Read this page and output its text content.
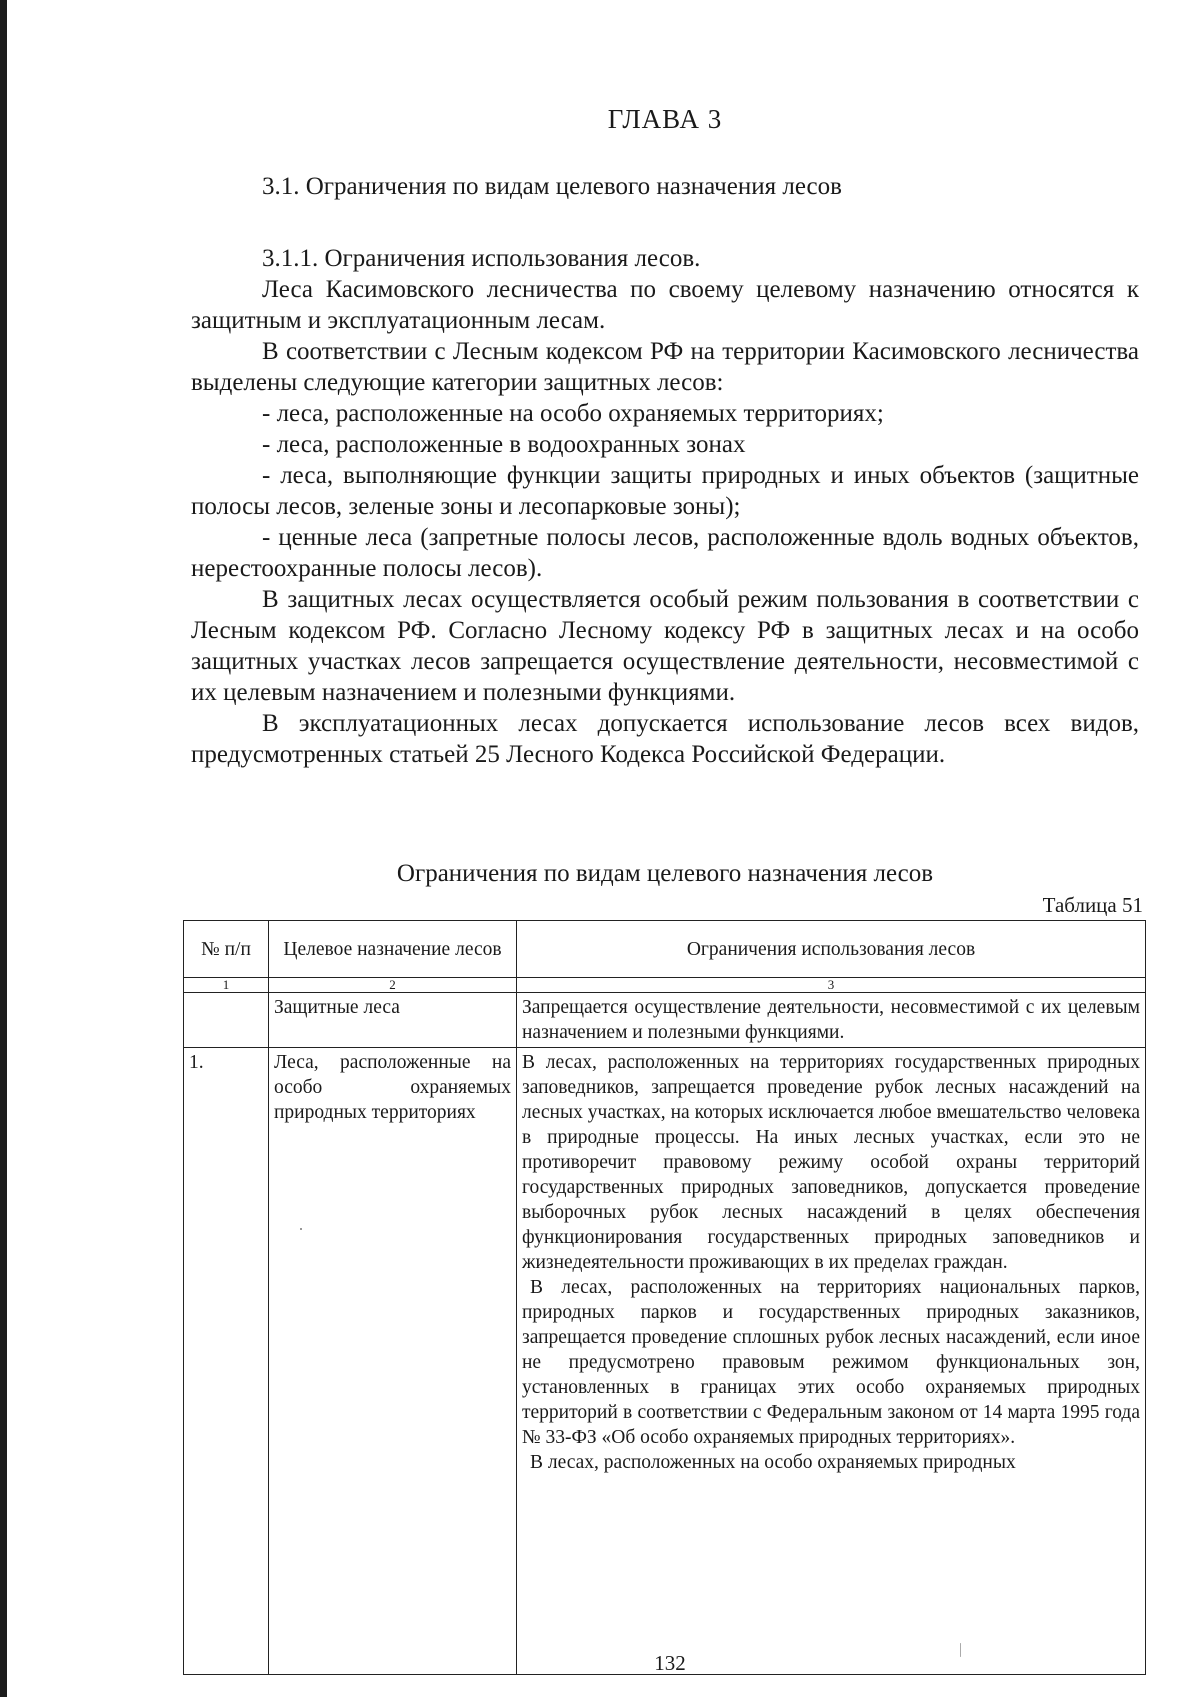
ГЛАВА 3
3.1. Ограничения по видам целевого назначения лесов

3.1.1. Ограничения использования лесов.

Леса Касимовского лесничества по своему целевому назначению относятся к защитным и эксплуатационным лесам.

В соответствии с Лесным кодексом РФ на территории Касимовского лесничества выделены следующие категории защитных лесов:

- леса, расположенные на особо охраняемых территориях;

- леса, расположенные в водоохранных зонах

- леса, выполняющие функции защиты природных и иных объектов (защитные полосы лесов, зеленые зоны и лесопарковые зоны);

- ценные леса (запретные полосы лесов, расположенные вдоль водных объектов, нерестоохранные полосы лесов).

В защитных лесах осуществляется особый режим пользования в соответствии с Лесным кодексом РФ. Согласно Лесному кодексу РФ в защитных лесах и на особо защитных участках лесов запрещается осуществление деятельности, несовместимой с их целевым назначением и полезными функциями.

В эксплуатационных лесах допускается использование лесов всех видов, предусмотренных статьей 25 Лесного Кодекса Российской Федерации.

Ограничения по видам целевого назначения лесов
Таблица 51
№ п/п	Целевое назначение лесов	Ограничения использования лесов
1	2	3
	Защитные леса	Запрещается осуществление деятельности, несовместимой с их целевым назначением и полезными функциями.

1.	Леса, расположенные на особо охраняемых природных территориях	В лесах, расположенных на территориях государственных природных заповедников, запрещается проведение рубок лесных насаждений на лесных участках, на которых исключается любое вмешательство человека в природные процессы. На иных лесных участках, если это не противоречит правовому режиму особой охраны территорий государственных природных заповедников, допускается проведение выборочных рубок лесных насаждений в целях обеспечения функционирования государственных природных заповедников и жизнедеятельности проживающих в их пределах граждан.

В лесах, расположенных на территориях национальных парков, природных парков и государственных природных заказников, запрещается проведение сплошных рубок лесных насаждений, если иное не предусмотрено правовым режимом функциональных зон, установленных в границах этих особо охраняемых природных территорий в соответствии с Федеральным законом от 14 марта 1995 года № 33-ФЗ «Об особо охраняемых природных территориях».

В лесах, расположенных на особо охраняемых природных

132
